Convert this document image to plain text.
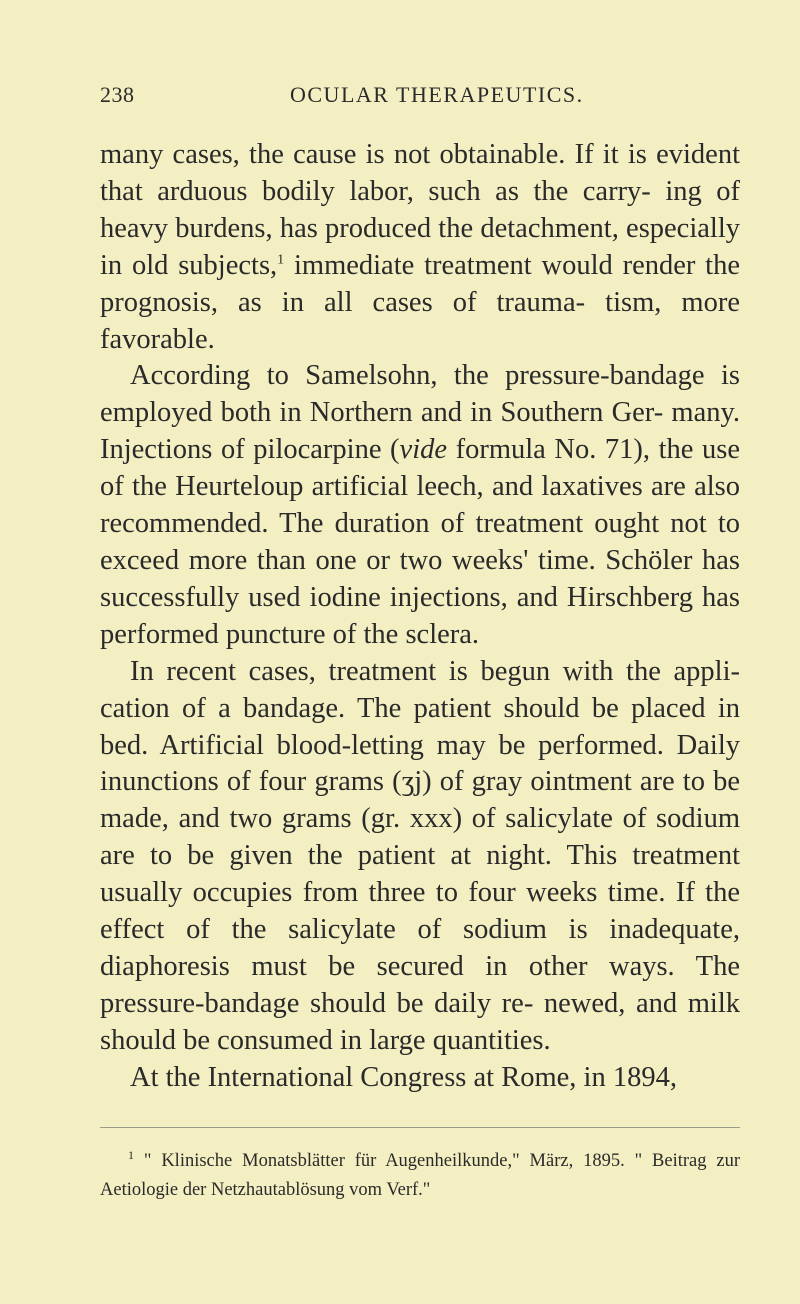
238	OCULAR THERAPEUTICS.

many cases, the cause is not obtainable. If it is evident that arduous bodily labor, such as the carry- ing of heavy burdens, has produced the detachment, especially in old subjects,$^1$ immediate treatment would render the prognosis, as in all cases of trauma- tism, more favorable.

According to Samelsohn, the pressure-bandage is employed both in Northern and in Southern Ger- many. Injections of pilocarpine (vide formula No. 71), the use of the Heurteloup artificial leech, and laxatives are also recommended. The duration of treatment ought not to exceed more than one or two weeks' time. Schöler has successfully used iodine injections, and Hirschberg has performed puncture of the sclera.

In recent cases, treatment is begun with the appli- cation of a bandage. The patient should be placed in bed. Artificial blood-letting may be performed. Daily inunctions of four grams (ʒj) of gray ointment are to be made, and two grams (gr. xxx) of salicylate of sodium are to be given the patient at night. This treatment usually occupies from three to four weeks time. If the effect of the salicylate of sodium is inadequate, diaphoresis must be secured in other ways. The pressure-bandage should be daily re- newed, and milk should be consumed in large quantities.

At the International Congress at Rome, in 1894,

$^1$ " Klinische Monatsblätter für Augenheilkunde," März, 1895. " Beitrag zur Aetiologie der Netzhautablösung vom Verf."
